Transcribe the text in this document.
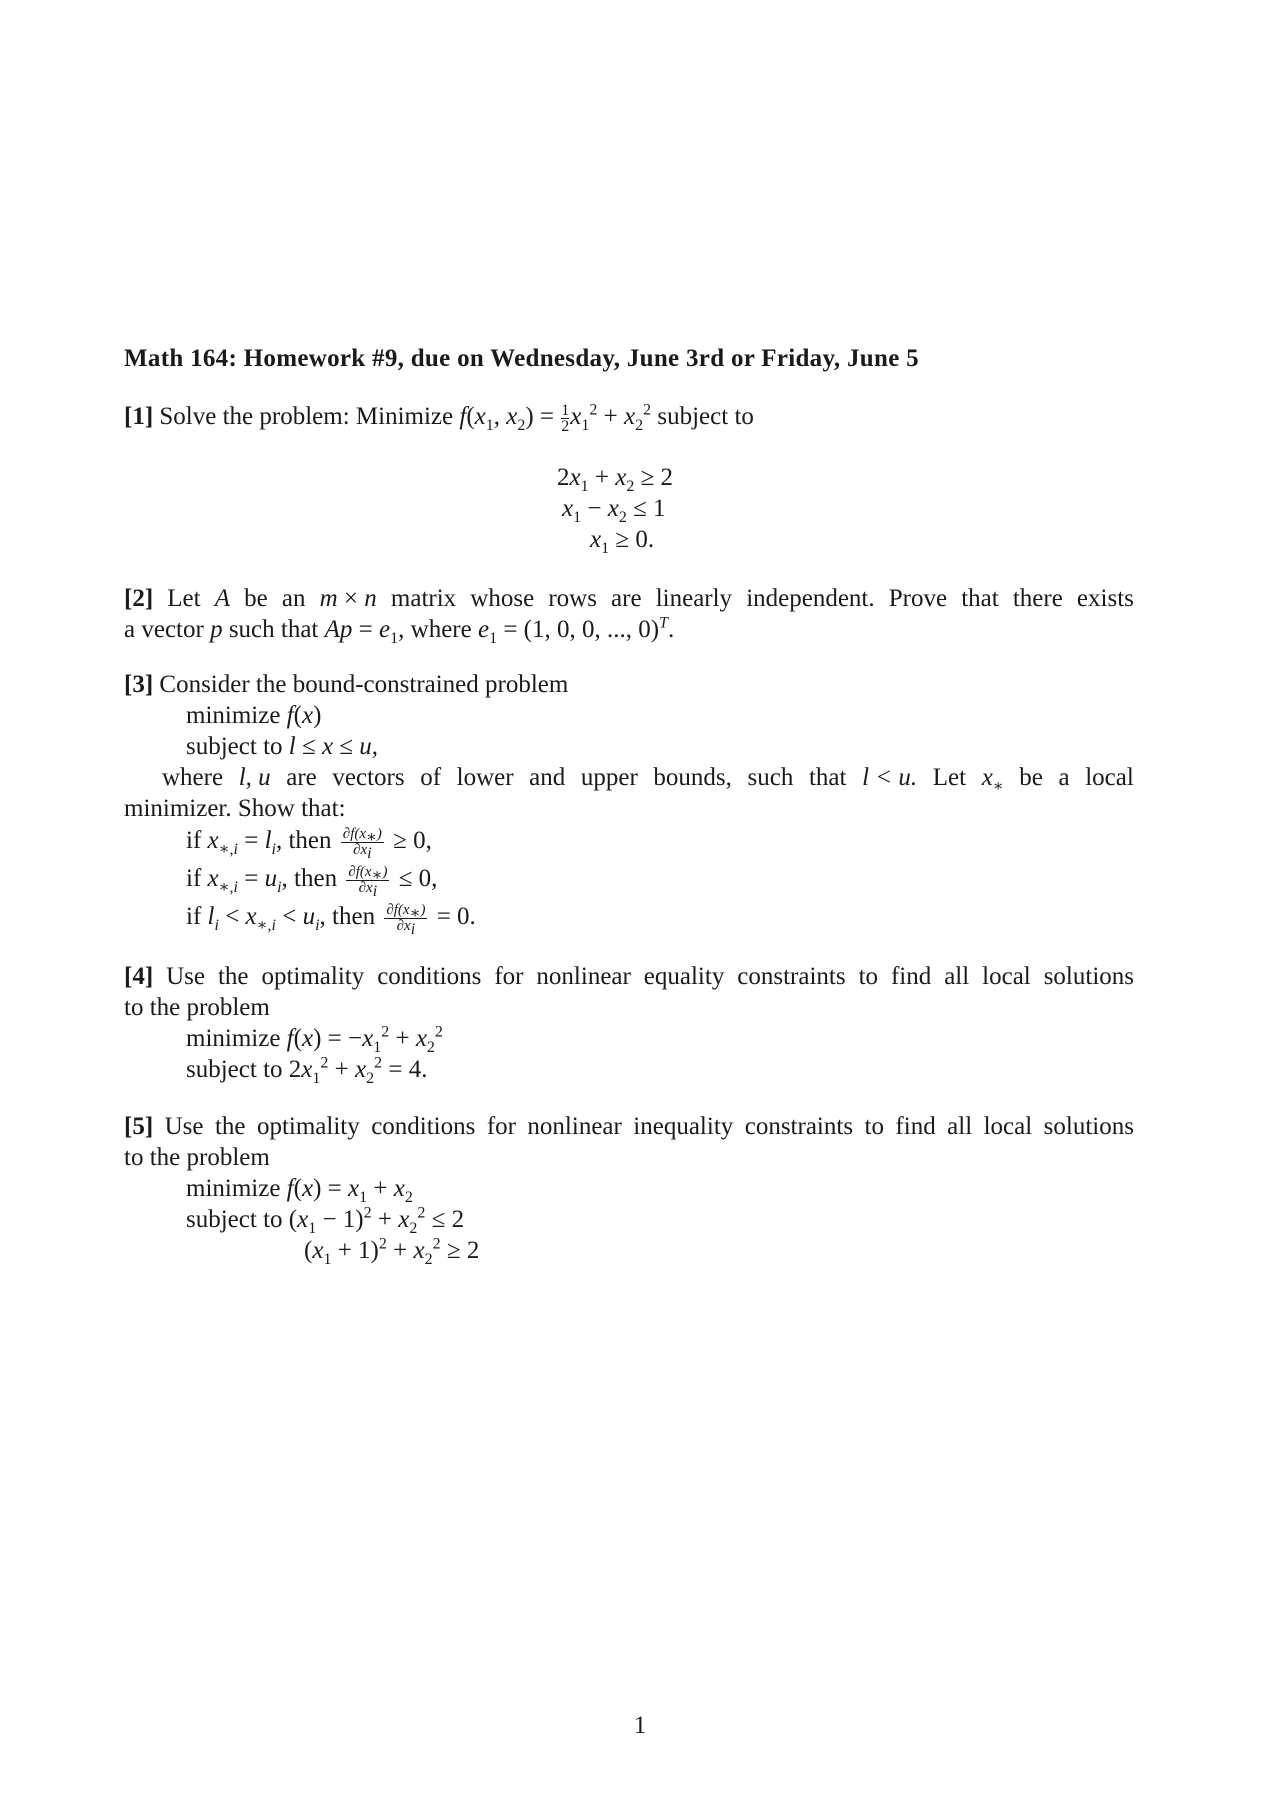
Math 164: Homework #9, due on Wednesday, June 3rd or Friday, June 5
[1] Solve the problem: Minimize $f(x_1$, $x_2) = \frac{1}{2} x_1^2 + x_2^2$ subject to
$2x_1 + x_2 \ge 2$
$x_1 - x_2 \le 1$
$x_1 \ge 0$.
[2] Let A be an m × n matrix whose rows are linearly independent. Prove that there exists
a vector p such that $Ap = e_1$, where $e_1 = (1$, 0, 0, ..., 0)$^T$.
[3] Consider the bound-constrained problem
minimize f(x)
subject to l ≤ x ≤ u,
where l, u are vectors of lower and upper bounds, such that l < u. Let $x_∗$ be a local
minimizer. Show that:
if $x_{∗,i} = l_i$, then $\frac{\partial f(x_∗)}{\partial x_i} \ge 0$,
if $x_{∗,i} = u_i$, then $\frac{\partial f(x_∗)}{\partial x_i} \le 0$,
if $l_i < x_{∗,i} < u_i$, then $\frac{\partial f(x_∗)}{\partial x_i} = 0$.
[4] Use the optimality conditions for nonlinear equality constraints to find all local solutions
to the problem
minimize $f(x) = -x_1^2 + x_2^2$
subject to $2x_1^2 + x_2^2 = 4$.
[5] Use the optimality conditions for nonlinear inequality constraints to find all local solutions
to the problem
minimize $f(x) = x_1 + x_2$
subject to $(x_1 - 1)^2 + x_2^2 \le 2$
$(x_1 + 1)^2 + x_2^2 \ge 2$
1
